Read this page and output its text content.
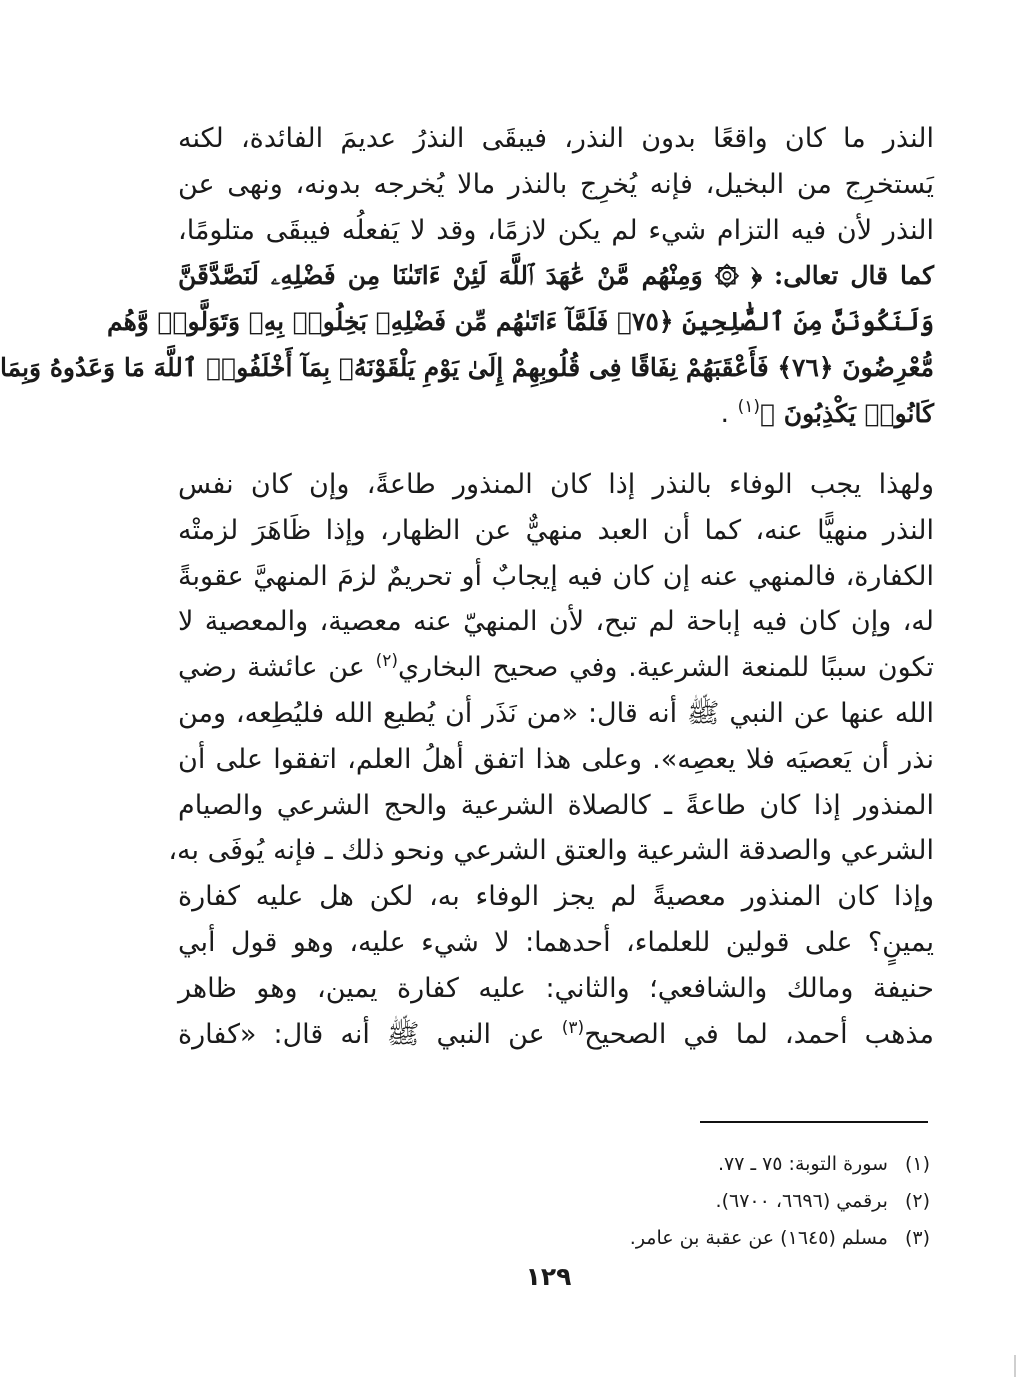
النذر ما كان واقعًا بدون النذر، فيبقَى النذرُ عديمَ الفائدة، لكنه
يَستخرِج من البخيل، فإنه يُخرِج بالنذر مالا يُخرجه بدونه، ونهى عن
النذر لأن فيه التزام شيء لم يكن لازمًا، وقد لا يَفعلُه فيبقَى متلومًا،
كما قال تعالى: ﴿ ۞ وَمِنْهُم مَّنْ عَٰهَدَ ٱللَّهَ لَئِنْ ءَاتَىٰنَا مِن فَضْلِهِۦ لَنَصَّدَّقَنَّ
وَلَنَكُونَنَّ مِنَ ٱلصَّٰلِحِينَ ﴿٧٥﴾ فَلَمَّآ ءَاتَىٰهُم مِّن فَضْلِهِۦ بَخِلُوا۟ بِهِۦ وَتَوَلَّوا۟ وَّهُم
مُّعْرِضُونَ ﴿٧٦﴾ فَأَعْقَبَهُمْ نِفَاقًا فِى قُلُوبِهِمْ إِلَىٰ يَوْمِ يَلْقَوْنَهُۥ بِمَآ أَخْلَفُوا۟ ٱللَّهَ مَا وَعَدُوهُ وَبِمَا
كَانُوا۟ يَكْذِبُونَ ﴾$^{(١)}$ .
ولهذا يجب الوفاء بالنذر إذا كان المنذور طاعةً، وإن كان نفس
النذر منهيًّا عنه، كما أن العبد منهيٌّ عن الظهار، وإذا ظَاهَرَ لزمتْه
الكفارة، فالمنهي عنه إن كان فيه إيجابٌ أو تحريمٌ لزمَ المنهيَّ عقوبةً
له، وإن كان فيه إباحة لم تبح، لأن المنهيّ عنه معصية، والمعصية لا
تكون سببًا للمنعة الشرعية. وفي صحيح البخاري$^{(٢)}$ عن عائشة رضي
الله عنها عن النبي ﷺ أنه قال: «من نَذَر أن يُطيع الله فليُطِعه، ومن
نذر أن يَعصيَه فلا يعصِه». وعلى هذا اتفق أهلُ العلم، اتفقوا على أن
المنذور إذا كان طاعةً ـ كالصلاة الشرعية والحج الشرعي والصيام
الشرعي والصدقة الشرعية والعتق الشرعي ونحو ذلك ـ فإنه يُوفَى به،
وإذا كان المنذور معصيةً لم يجز الوفاء به، لكن هل عليه كفارة
يمينٍ؟ على قولين للعلماء، أحدهما: لا شيء عليه، وهو قول أبي
حنيفة ومالك والشافعي؛ والثاني: عليه كفارة يمين، وهو ظاهر
مذهب أحمد، لما في الصحيح$^{(٣)}$ عن النبي ﷺ أنه قال: «كفارة
(١) سورة التوبة: ٧٥ ـ ٧٧.
(٢) برقمي (٦٦٩٦، ٦٧٠٠).
(٣) مسلم (١٦٤٥) عن عقبة بن عامر.
١٢٩
